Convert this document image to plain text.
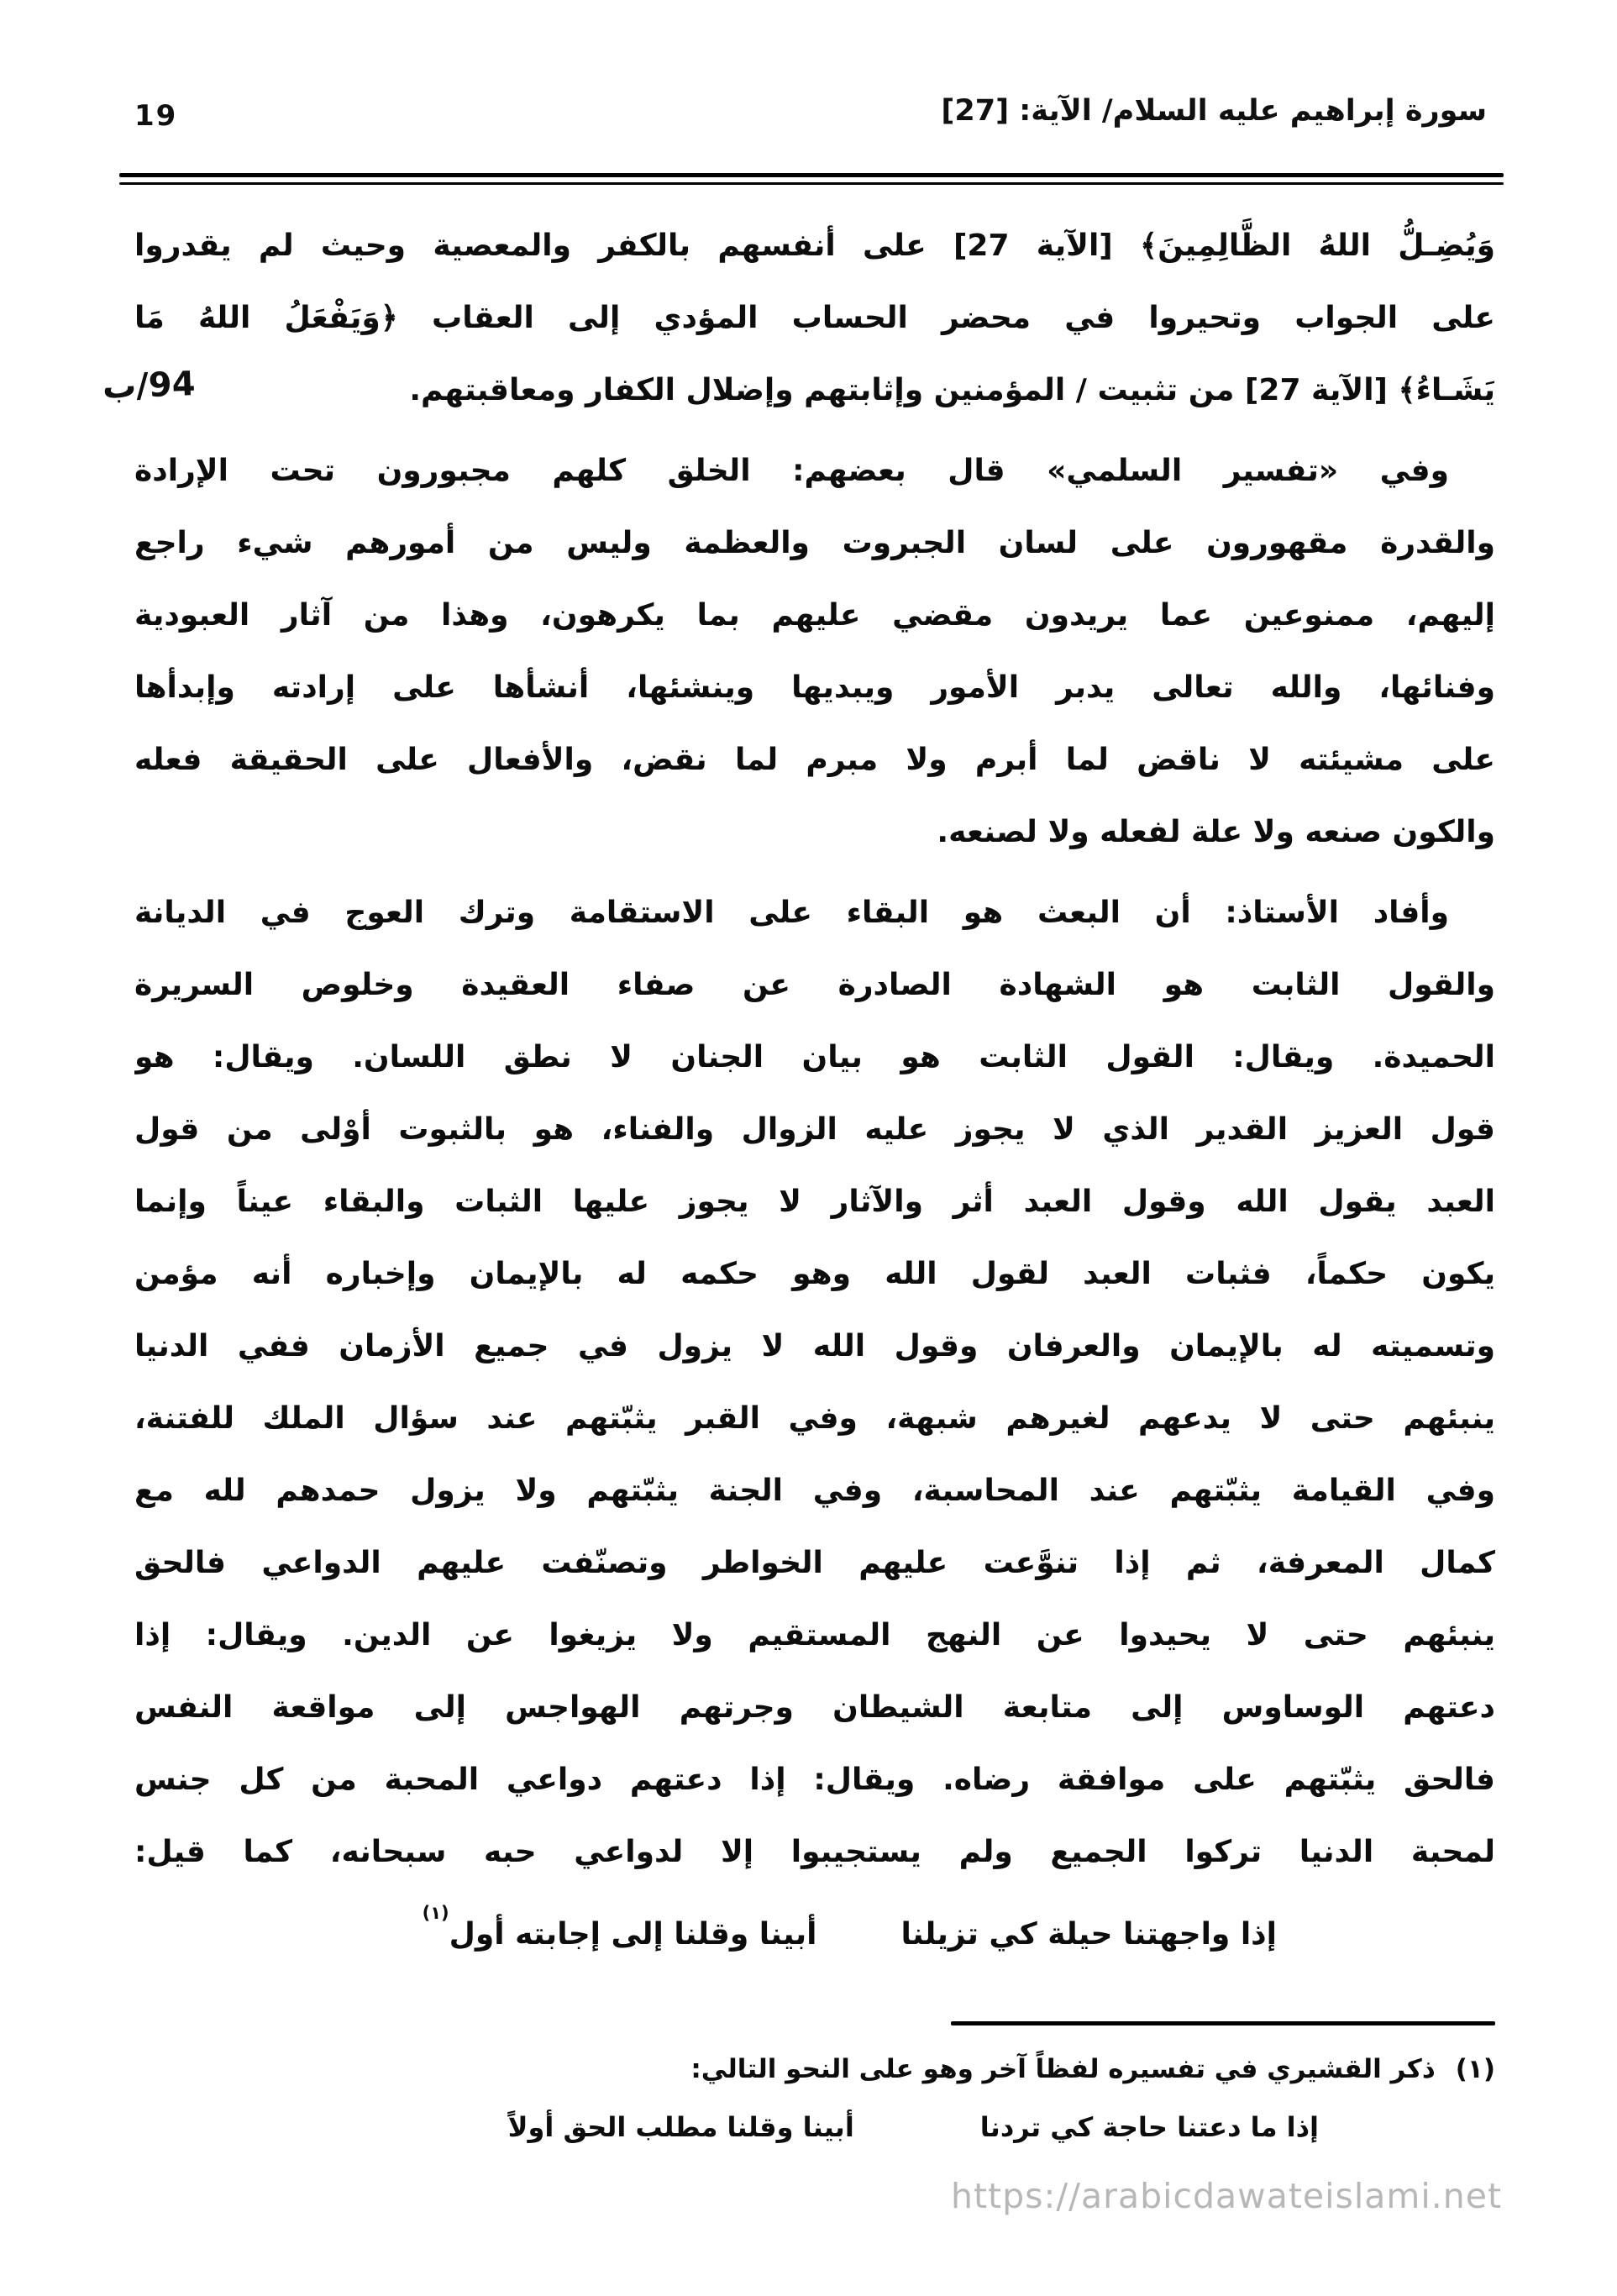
19	سورة إبراهيم عليه السلام/ الآية: [27]
94/ب
وَيُضِـلُّ اللهُ الظَّالِمِينَ﴾ [الآية 27] على أنفسهم بالكفر والمعصية وحيث لم يقدروا
على الجواب وتحيروا في محضر الحساب المؤدي إلى العقاب ﴿وَيَفْعَلُ اللهُ مَا
يَشَـاءُ﴾ [الآية 27] من تثبيت / المؤمنين وإثابتهم وإضلال الكفار ومعاقبتهم.
وفي «تفسير السلمي» قال بعضهم: الخلق كلهم مجبورون تحت الإرادة
والقدرة مقهورون على لسان الجبروت والعظمة وليس من أمورهم شيء راجع
إليهم، ممنوعين عما يريدون مقضي عليهم بما يكرهون، وهذا من آثار العبودية
وفنائها، والله تعالى يدبر الأمور ويبديها وينشئها، أنشأها على إرادته وإبدأها
على مشيئته لا ناقض لما أبرم ولا مبرم لما نقض، والأفعال على الحقيقة فعله
والكون صنعه ولا علة لفعله ولا لصنعه.
وأفاد الأستاذ: أن البعث هو البقاء على الاستقامة وترك العوج في الديانة
والقول الثابت هو الشهادة الصادرة عن صفاء العقيدة وخلوص السريرة
الحميدة. ويقال: القول الثابت هو بيان الجنان لا نطق اللسان. ويقال: هو
قول العزيز القدير الذي لا يجوز عليه الزوال والفناء، هو بالثبوت أوْلى من قول
العبد يقول الله وقول العبد أثر والآثار لا يجوز عليها الثبات والبقاء عيناً وإنما
يكون حكماً، فثبات العبد لقول الله وهو حكمه له بالإيمان وإخباره أنه مؤمن
وتسميته له بالإيمان والعرفان وقول الله لا يزول في جميع الأزمان ففي الدنيا
ينبئهم حتى لا يدعهم لغيرهم شبهة، وفي القبر يثبّتهم عند سؤال الملك للفتنة،
وفي القيامة يثبّتهم عند المحاسبة، وفي الجنة يثبّتهم ولا يزول حمدهم لله مع
كمال المعرفة، ثم إذا تنوَّعت عليهم الخواطر وتصنّفت عليهم الدواعي فالحق
ينبئهم حتى لا يحيدوا عن النهج المستقيم ولا يزيغوا عن الدين. ويقال: إذا
دعتهم الوساوس إلى متابعة الشيطان وجرتهم الهواجس إلى مواقعة النفس
فالحق يثبّتهم على موافقة رضاه. ويقال: إذا دعتهم دواعي المحبة من كل جنس
لمحبة الدنيا تركوا الجميع ولم يستجيبوا إلا لدواعي حبه سبحانه، كما قيل:
إذا واجهتنا حيلة كي تزيلنا
أبينا وقلنا إلى إجابته أول$^{(١)}$
(١)ذكر القشيري في تفسيره لفظاً آخر وهو على النحو التالي:
إذا ما دعتنا حاجة كي تردنا
أبينا وقلنا مطلب الحق أولاً
https://arabicdawateislami.net
